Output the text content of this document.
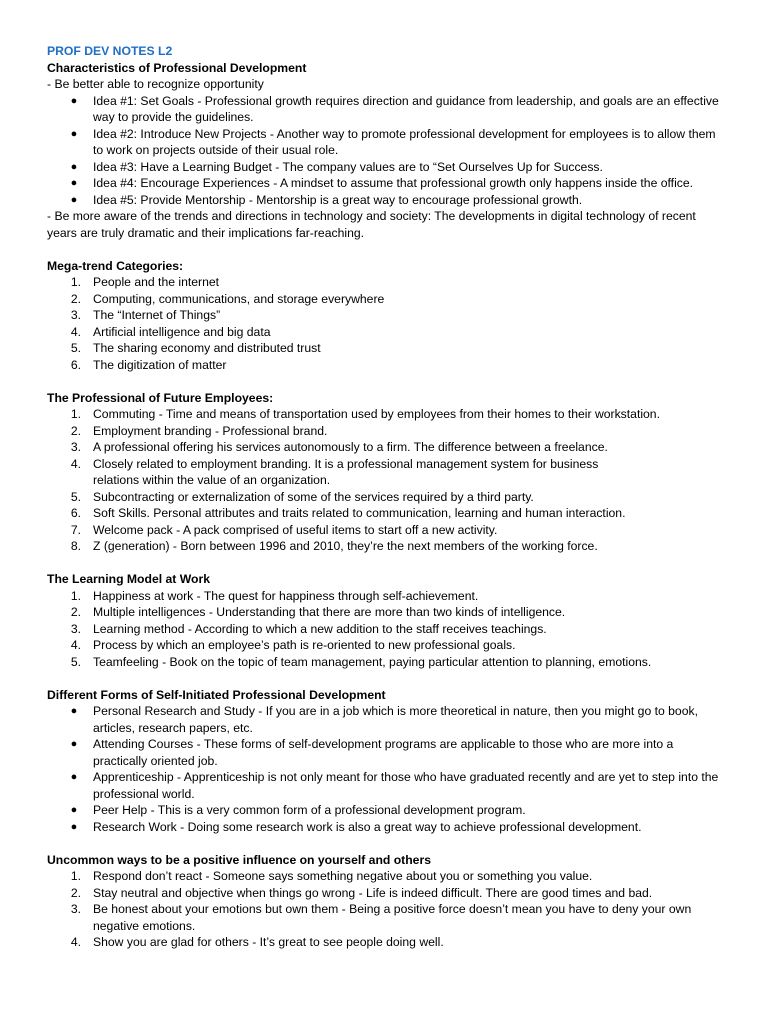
PROF DEV NOTES L2

Characteristics of Professional Development

- Be better able to recognize opportunity

●	Idea #1: Set Goals - Professional growth requires direction and guidance from leadership, and goals are an effective way to provide the guidelines.
●	Idea #2: Introduce New Projects - Another way to promote professional development for employees is to allow them to work on projects outside of their usual role.
●	Idea #3: Have a Learning Budget - The company values are to “Set Ourselves Up for Success.
●	Idea #4: Encourage Experiences - A mindset to assume that professional growth only happens inside the office.
●	Idea #5: Provide Mentorship - Mentorship is a great way to encourage professional growth.

- Be more aware of the trends and directions in technology and society: The developments in digital technology of recent years are truly dramatic and their implications far-reaching.

Mega-trend Categories:

1. People and the internet
2. Computing, communications, and storage everywhere
3. The “Internet of Things”
4. Artificial intelligence and big data
5. The sharing economy and distributed trust
6. The digitization of matter

The Professional of Future Employees:

1. Commuting - Time and means of transportation used by employees from their homes to their workstation.
2. Employment branding - Professional brand.
3. A professional offering his services autonomously to a firm. The difference between a freelance.
4. Closely related to employment branding. It is a professional management system for business relations within the value of an organization.
5. Subcontracting or externalization of some of the services required by a third party.
6. Soft Skills. Personal attributes and traits related to communication, learning and human interaction.
7. Welcome pack - A pack comprised of useful items to start off a new activity.
8. Z (generation) - Born between 1996 and 2010, they’re the next members of the working force.

The Learning Model at Work

1. Happiness at work - The quest for happiness through self-achievement.
2. Multiple intelligences - Understanding that there are more than two kinds of intelligence.
3. Learning method - According to which a new addition to the staff receives teachings.
4. Process by which an employee’s path is re-oriented to new professional goals.
5. Teamfeeling - Book on the topic of team management, paying particular attention to planning, emotions.

Different Forms of Self-Initiated Professional Development

●	Personal Research and Study - If you are in a job which is more theoretical in nature, then you might go to book, articles, research papers, etc.
●	Attending Courses - These forms of self-development programs are applicable to those who are more into a practically oriented job.
●	Apprenticeship - Apprenticeship is not only meant for those who have graduated recently and are yet to step into the professional world.
●	Peer Help - This is a very common form of a professional development program.
●	Research Work - Doing some research work is also a great way to achieve professional development.

Uncommon ways to be a positive influence on yourself and others

1. Respond don’t react - Someone says something negative about you or something you value.
2. Stay neutral and objective when things go wrong - Life is indeed difficult. There are good times and bad.
3. Be honest about your emotions but own them - Being a positive force doesn’t mean you have to deny your own negative emotions.
4. Show you are glad for others - It’s great to see people doing well.
